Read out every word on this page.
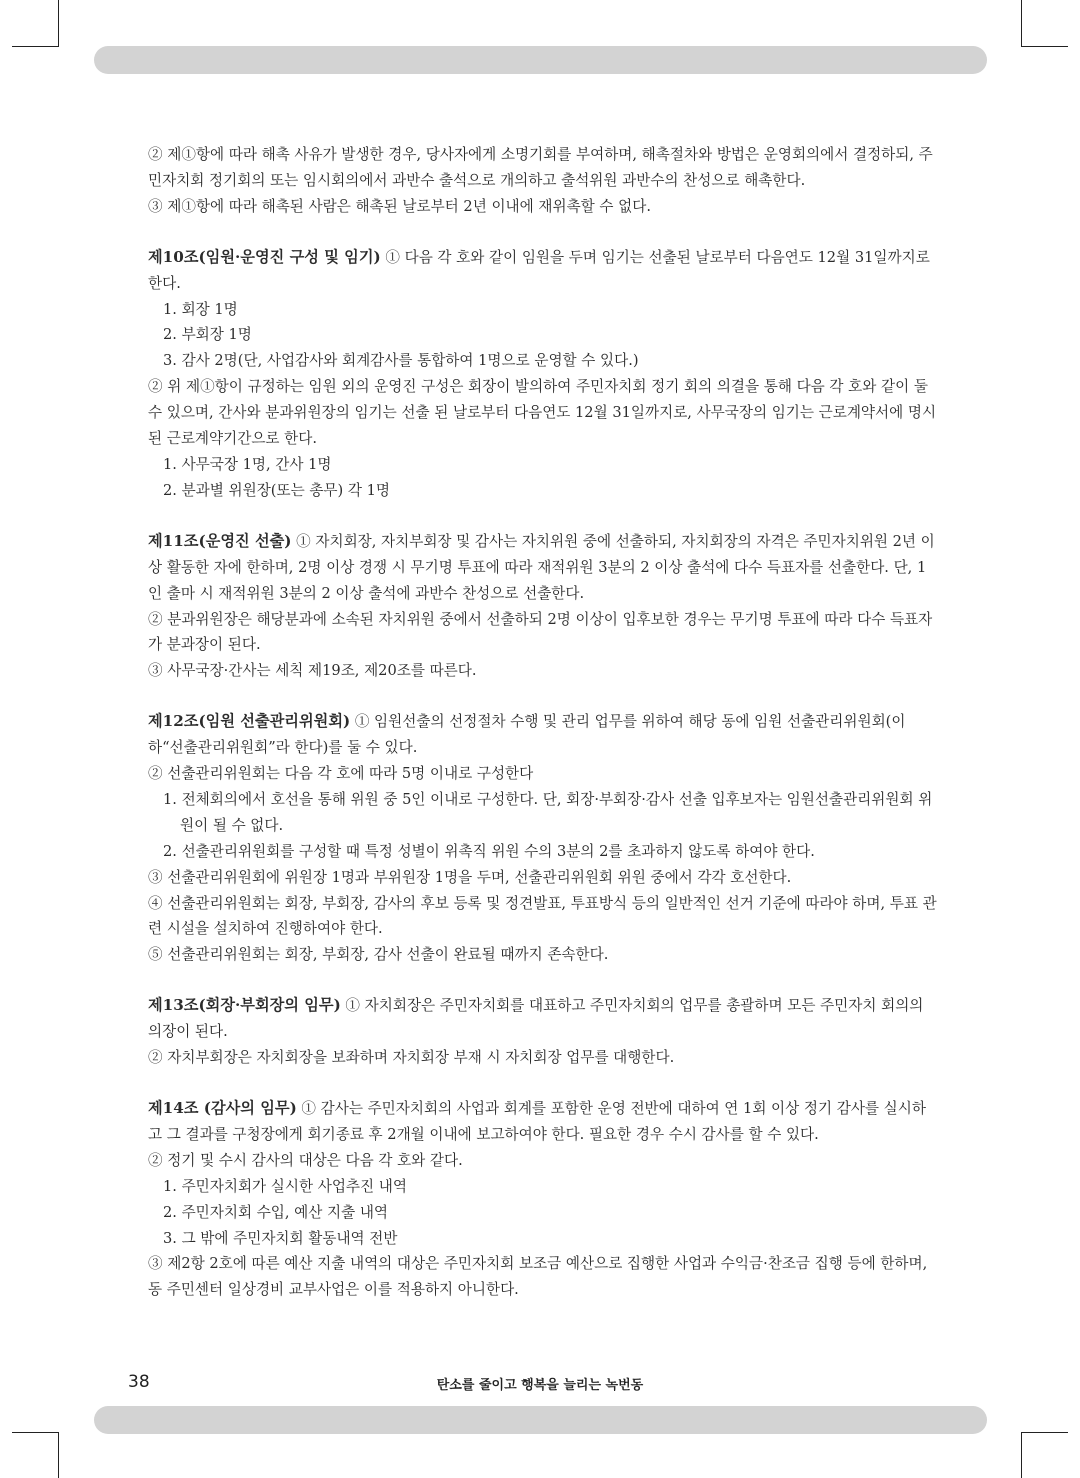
② 제①항에 따라 해촉 사유가 발생한 경우, 당사자에게 소명기회를 부여하며, 해촉절차와 방법은 운영회의에서 결정하되, 주민자치회 정기회의 또는 임시회의에서 과반수 출석으로 개의하고 출석위원 과반수의 찬성으로 해촉한다.

③ 제①항에 따라 해촉된 사람은 해촉된 날로부터 2년 이내에 재위촉할 수 없다.

제10조(임원·운영진 구성 및 임기) ① 다음 각 호와 같이 임원을 두며 임기는 선출된 날로부터 다음연도 12월 31일까지로 한다.

1. 회장 1명

2. 부회장 1명

3. 감사 2명(단, 사업감사와 회계감사를 통합하여 1명으로 운영할 수 있다.)

② 위 제①항이 규정하는 임원 외의 운영진 구성은 회장이 발의하여 주민자치회 정기 회의 의결을 통해 다음 각 호와 같이 둘 수 있으며, 간사와 분과위원장의 임기는 선출 된 날로부터 다음연도 12월 31일까지로, 사무국장의 임기는 근로계약서에 명시된 근로계약기간으로 한다.

1. 사무국장 1명, 간사 1명

2. 분과별 위원장(또는 총무) 각 1명

제11조(운영진 선출) ① 자치회장, 자치부회장 및 감사는 자치위원 중에 선출하되, 자치회장의 자격은 주민자치위원 2년 이상 활동한 자에 한하며, 2명 이상 경쟁 시 무기명 투표에 따라 재적위원 3분의 2 이상 출석에 다수 득표자를 선출한다. 단, 1인 출마 시 재적위원 3분의 2 이상 출석에 과반수 찬성으로 선출한다.

② 분과위원장은 해당분과에 소속된 자치위원 중에서 선출하되 2명 이상이 입후보한 경우는 무기명 투표에 따라 다수 득표자가 분과장이 된다.

③ 사무국장·간사는 세칙 제19조, 제20조를 따른다.

제12조(임원 선출관리위원회) ① 임원선출의 선정절차 수행 및 관리 업무를 위하여 해당 동에 임원 선출관리위원회(이하“선출관리위원회”라 한다)를 둘 수 있다.

② 선출관리위원회는 다음 각 호에 따라 5명 이내로 구성한다

1. 전체회의에서 호선을 통해 위원 중 5인 이내로 구성한다. 단, 회장·부회장·감사 선출 입후보자는 임원선출관리위원회 위원이 될 수 없다.

2. 선출관리위원회를 구성할 때 특정 성별이 위촉직 위원 수의 3분의 2를 초과하지 않도록 하여야 한다.

③ 선출관리위원회에 위원장 1명과 부위원장 1명을 두며, 선출관리위원회 위원 중에서 각각 호선한다.

④ 선출관리위원회는 회장, 부회장, 감사의 후보 등록 및 정견발표, 투표방식 등의 일반적인 선거 기준에 따라야 하며, 투표 관련 시설을 설치하여 진행하여야 한다.

⑤ 선출관리위원회는 회장, 부회장, 감사 선출이 완료될 때까지 존속한다.

제13조(회장·부회장의 임무) ① 자치회장은 주민자치회를 대표하고 주민자치회의 업무를 총괄하며 모든 주민자치 회의의 의장이 된다.

② 자치부회장은 자치회장을 보좌하며 자치회장 부재 시 자치회장 업무를 대행한다.

제14조 (감사의 임무) ① 감사는 주민자치회의 사업과 회계를 포함한 운영 전반에 대하여 연 1회 이상 정기 감사를 실시하고 그 결과를 구청장에게 회기종료 후 2개월 이내에 보고하여야 한다. 필요한 경우 수시 감사를 할 수 있다.

② 정기 및 수시 감사의 대상은 다음 각 호와 같다.

1. 주민자치회가 실시한 사업추진 내역

2. 주민자치회 수입, 예산 지출 내역

3. 그 밖에 주민자치회 활동내역 전반

③ 제2항 2호에 따른 예산 지출 내역의 대상은 주민자치회 보조금 예산으로 집행한 사업과 수익금·찬조금 집행 등에 한하며, 동 주민센터 일상경비 교부사업은 이를 적용하지 아니한다.

38	탄소를 줄이고 행복을 늘리는 녹번동
